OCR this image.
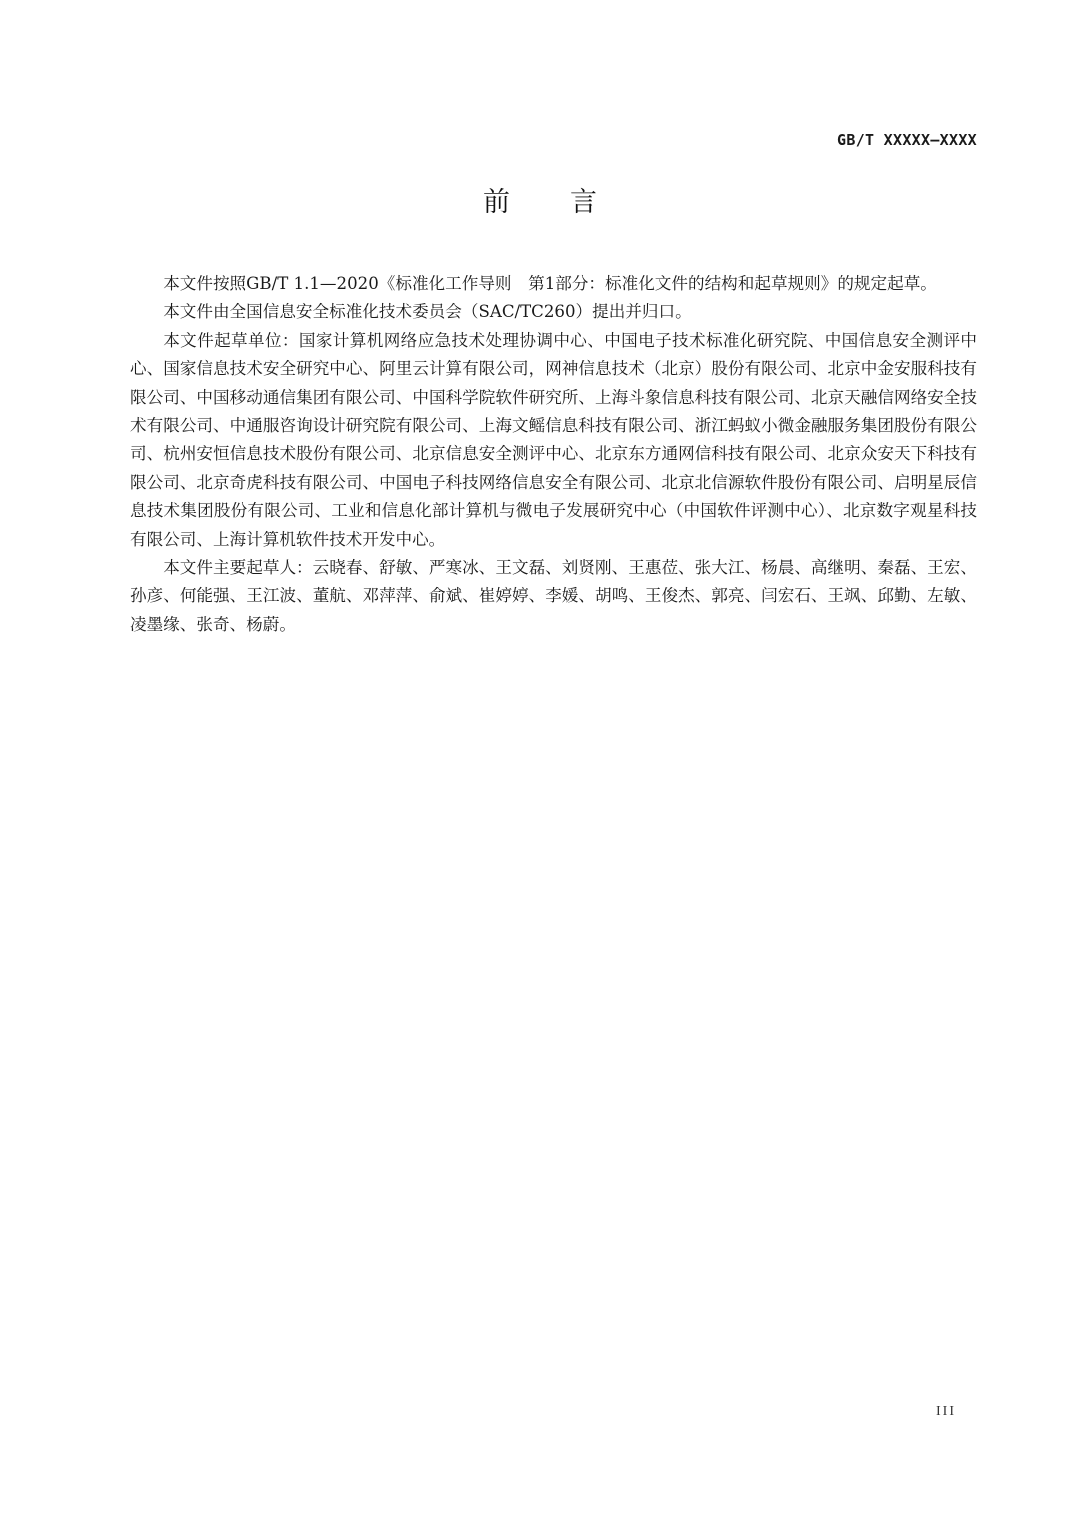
GB/T XXXXX—XXXX
前言

本文件按照GB/T 1.1—2020《标准化工作导则　第1部分：标准化文件的结构和起草规则》的规定起草。

本文件由全国信息安全标准化技术委员会（SAC/TC260）提出并归口。

本文件起草单位：国家计算机网络应急技术处理协调中心、中国电子技术标准化研究院、中国信息安全测评中心、国家信息技术安全研究中心、阿里云计算有限公司，网神信息技术（北京）股份有限公司、北京中金安服科技有限公司、中国移动通信集团有限公司、中国科学院软件研究所、上海斗象信息科技有限公司、北京天融信网络安全技术有限公司、中通服咨询设计研究院有限公司、上海文鳐信息科技有限公司、浙江蚂蚁小微金融服务集团股份有限公司、杭州安恒信息技术股份有限公司、北京信息安全测评中心、北京东方通网信科技有限公司、北京众安天下科技有限公司、北京奇虎科技有限公司、中国电子科技网络信息安全有限公司、北京北信源软件股份有限公司、启明星辰信息技术集团股份有限公司、工业和信息化部计算机与微电子发展研究中心（中国软件评测中心）、北京数字观星科技有限公司、上海计算机软件技术开发中心。

本文件主要起草人：云晓春、舒敏、严寒冰、王文磊、刘贤刚、王惠莅、张大江、杨晨、高继明、秦磊、王宏、孙彦、何能强、王江波、董航、邓萍萍、俞斌、崔婷婷、李媛、胡鸣、王俊杰、郭亮、闫宏石、王飒、邱勤、左敏、凌墨缘、张奇、杨蔚。

III
